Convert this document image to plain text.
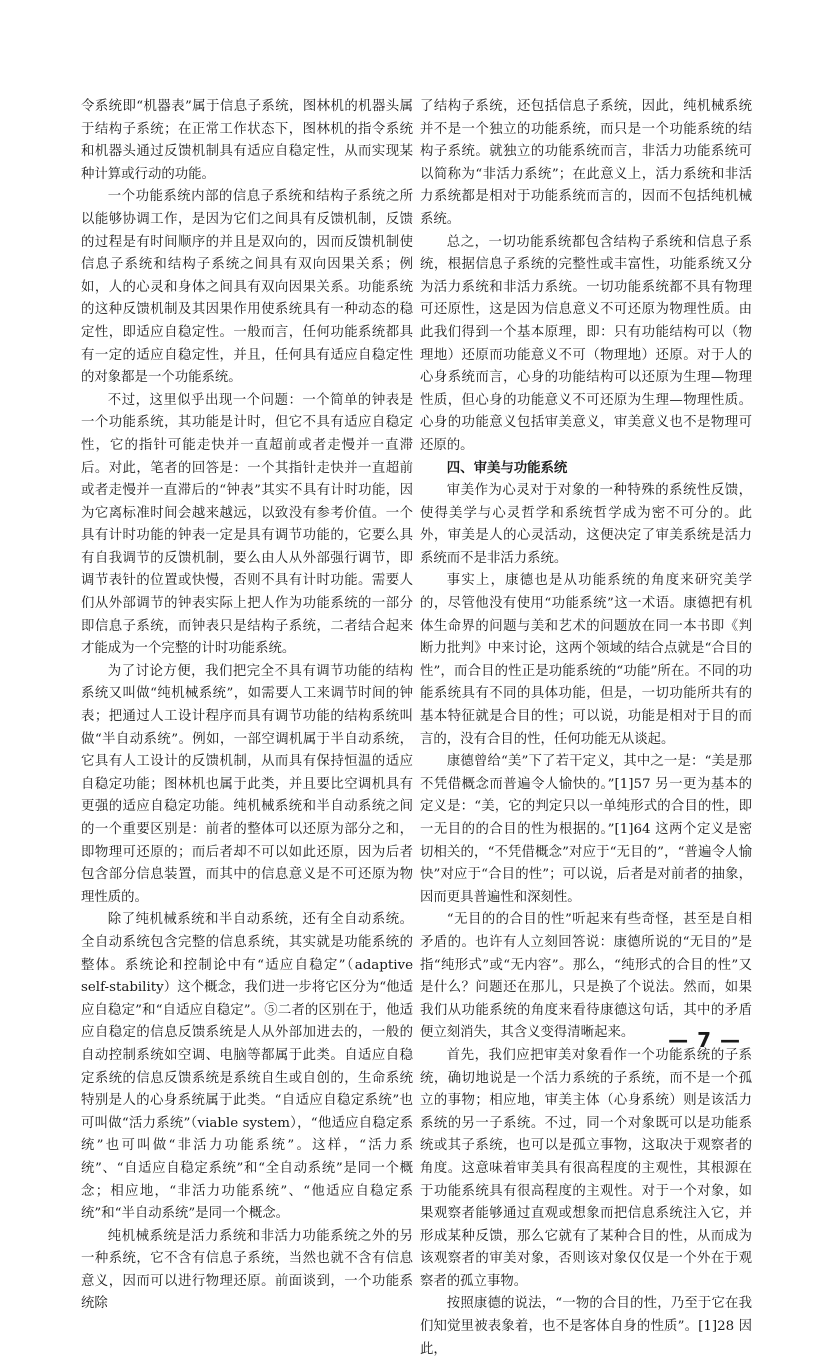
令系统即“机器表”属于信息子系统，图林机的机器头属于结构子系统；在正常工作状态下，图林机的指令系统和机器头通过反馈机制具有适应自稳定性，从而实现某种计算或行动的功能。

一个功能系统内部的信息子系统和结构子系统之所以能够协调工作，是因为它们之间具有反馈机制，反馈的过程是有时间顺序的并且是双向的，因而反馈机制使信息子系统和结构子系统之间具有双向因果关系；例如，人的心灵和身体之间具有双向因果关系。功能系统的这种反馈机制及其因果作用使系统具有一种动态的稳定性，即适应自稳定性。一般而言，任何功能系统都具有一定的适应自稳定性，并且，任何具有适应自稳定性的对象都是一个功能系统。

不过，这里似乎出现一个问题：一个简单的钟表是一个功能系统，其功能是计时，但它不具有适应自稳定性，它的指针可能走快并一直超前或者走慢并一直滞后。对此，笔者的回答是：一个其指针走快并一直超前或者走慢并一直滞后的“钟表”其实不具有计时功能，因为它离标准时间会越来越远，以致没有参考价值。一个具有计时功能的钟表一定是具有调节功能的，它要么具有自我调节的反馈机制，要么由人从外部强行调节，即调节表针的位置或快慢，否则不具有计时功能。需要人们从外部调节的钟表实际上把人作为功能系统的一部分即信息子系统，而钟表只是结构子系统，二者结合起来才能成为一个完整的计时功能系统。

为了讨论方便，我们把完全不具有调节功能的结构系统又叫做“纯机械系统”，如需要人工来调节时间的钟表；把通过人工设计程序而具有调节功能的结构系统叫做“半自动系统”。例如，一部空调机属于半自动系统，它具有人工设计的反馈机制，从而具有保持恒温的适应自稳定功能；图林机也属于此类，并且要比空调机具有更强的适应自稳定功能。纯机械系统和半自动系统之间的一个重要区别是：前者的整体可以还原为部分之和，即物理可还原的；而后者却不可以如此还原，因为后者包含部分信息装置，而其中的信息意义是不可还原为物理性质的。

除了纯机械系统和半自动系统，还有全自动系统。全自动系统包含完整的信息系统，其实就是功能系统的整体。系统论和控制论中有“适应自稳定”（adaptive self-stability）这个概念，我们进一步将它区分为“他适应自稳定”和“自适应自稳定”。⑤二者的区别在于，他适应自稳定的信息反馈系统是人从外部加进去的，一般的自动控制系统如空调、电脑等都属于此类。自适应自稳定系统的信息反馈系统是系统自生或自创的，生命系统特别是人的心身系统属于此类。“自适应自稳定系统”也可叫做“活力系统”（viable system），“他适应自稳定系统”也可叫做“非活力功能系统”。这样，“活力系统”、“自适应自稳定系统”和“全自动系统”是同一个概念；相应地，“非活力功能系统”、“他适应自稳定系统”和“半自动系统”是同一个概念。

纯机械系统是活力系统和非活力功能系统之外的另一种系统，它不含有信息子系统，当然也就不含有信息意义，因而可以进行物理还原。前面谈到，一个功能系统除

了结构子系统，还包括信息子系统，因此，纯机械系统并不是一个独立的功能系统，而只是一个功能系统的结构子系统。就独立的功能系统而言，非活力功能系统可以简称为“非活力系统”；在此意义上，活力系统和非活力系统都是相对于功能系统而言的，因而不包括纯机械系统。

总之，一切功能系统都包含结构子系统和信息子系统，根据信息子系统的完整性或丰富性，功能系统又分为活力系统和非活力系统。一切功能系统都不具有物理可还原性，这是因为信息意义不可还原为物理性质。由此我们得到一个基本原理，即：只有功能结构可以（物理地）还原而功能意义不可（物理地）还原。对于人的心身系统而言，心身的功能结构可以还原为生理—物理性质，但心身的功能意义不可还原为生理—物理性质。心身的功能意义包括审美意义，审美意义也不是物理可还原的。

四、审美与功能系统

审美作为心灵对于对象的一种特殊的系统性反馈，使得美学与心灵哲学和系统哲学成为密不可分的。此外，审美是人的心灵活动，这便决定了审美系统是活力系统而不是非活力系统。

事实上，康德也是从功能系统的角度来研究美学的，尽管他没有使用“功能系统”这一术语。康德把有机体生命界的问题与美和艺术的问题放在同一本书即《判断力批判》中来讨论，这两个领域的结合点就是“合目的性”，而合目的性正是功能系统的“功能”所在。不同的功能系统具有不同的具体功能，但是，一切功能所共有的基本特征就是合目的性；可以说，功能是相对于目的而言的，没有合目的性，任何功能无从谈起。

康德曾给“美”下了若干定义，其中之一是：“美是那不凭借概念而普遍令人愉快的。”[1]57 另一更为基本的定义是：“美，它的判定只以一单纯形式的合目的性，即一无目的的合目的性为根据的。”[1]64 这两个定义是密切相关的，“不凭借概念”对应于“无目的”，“普遍令人愉快”对应于“合目的性”；可以说，后者是对前者的抽象，因而更具普遍性和深刻性。

“无目的的合目的性”听起来有些奇怪，甚至是自相矛盾的。也许有人立刻回答说：康德所说的“无目的”是指“纯形式”或“无内容”。那么，“纯形式的合目的性”又是什么？问题还在那儿，只是换了个说法。然而，如果我们从功能系统的角度来看待康德这句话，其中的矛盾便立刻消失，其含义变得清晰起来。

首先，我们应把审美对象看作一个功能系统的子系统，确切地说是一个活力系统的子系统，而不是一个孤立的事物；相应地，审美主体（心身系统）则是该活力系统的另一子系统。不过，同一个对象既可以是功能系统或其子系统，也可以是孤立事物，这取决于观察者的角度。这意味着审美具有很高程度的主观性，其根源在于功能系统具有很高程度的主观性。对于一个对象，如果观察者能够通过直观或想象而把信息系统注入它，并形成某种反馈，那么它就有了某种合目的性，从而成为该观察者的审美对象，否则该对象仅仅是一个外在于观察者的孤立事物。

按照康德的说法，“一物的合目的性，乃至于它在我们知觉里被表象着，也不是客体自身的性质”。[1]28 因此，

— 7 —
